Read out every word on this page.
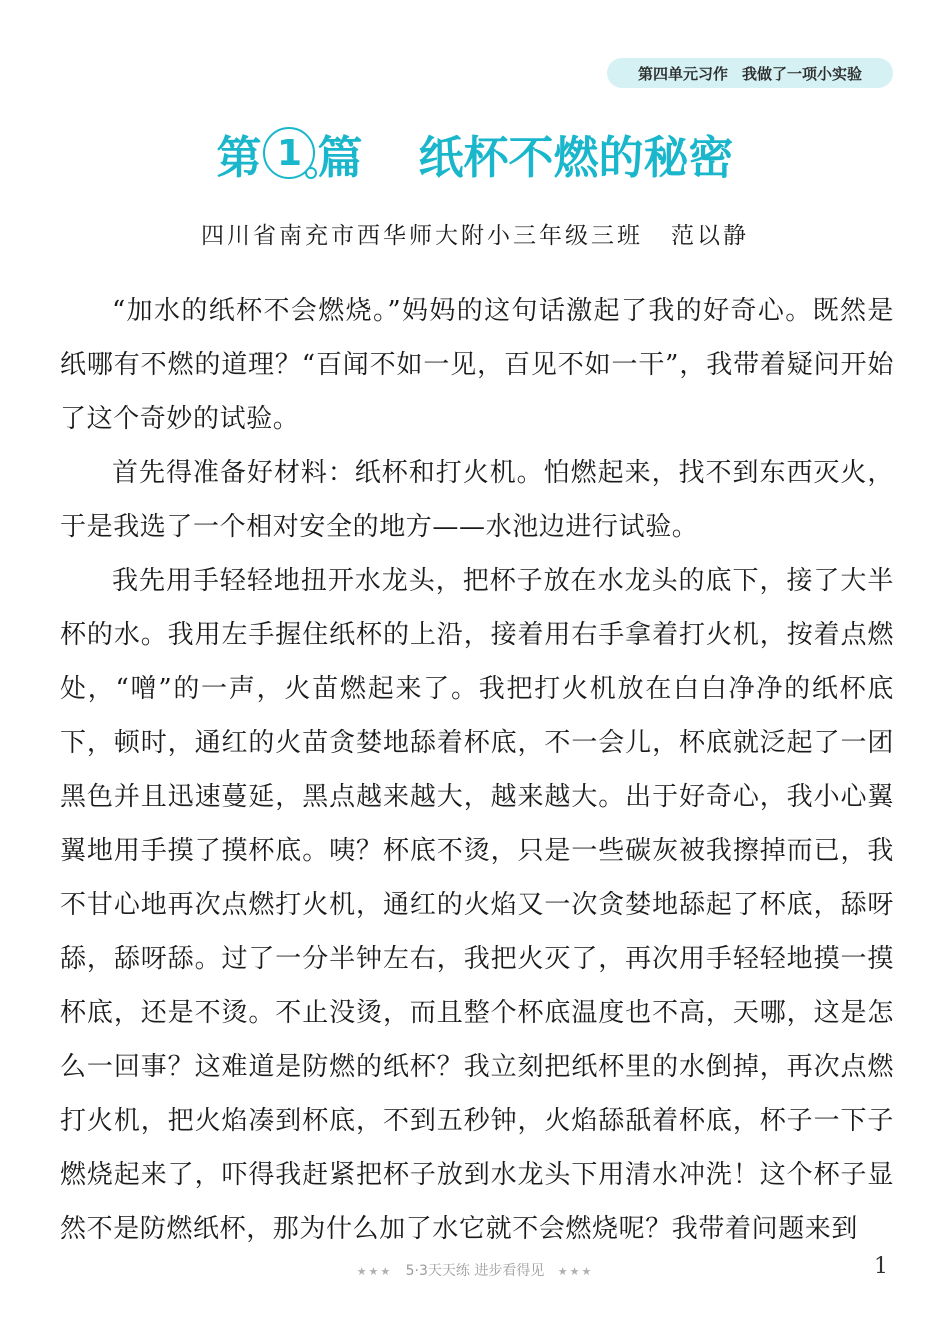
第四单元习作 我做了一项小实验
第 1 篇 纸杯不燃的秘密
四川省南充市西华师大附小三年级三班 范以静

“加水的纸杯不会燃烧。”妈妈的这句话激起了我的好奇心。既然是纸哪有不燃的道理？“百闻不如一见，百见不如一干”，我带着疑问开始了这个奇妙的试验。

首先得准备好材料：纸杯和打火机。怕燃起来，找不到东西灭火，于是我选了一个相对安全的地方——水池边进行试验。

我先用手轻轻地扭开水龙头，把杯子放在水龙头的底下，接了大半杯的水。我用左手握住纸杯的上沿，接着用右手拿着打火机，按着点燃处，“噌”的一声，火苗燃起来了。我把打火机放在白白净净的纸杯底下，顿时，通红的火苗贪婪地舔着杯底，不一会儿，杯底就泛起了一团黑色并且迅速蔓延，黑点越来越大，越来越大。出于好奇心，我小心翼翼地用手摸了摸杯底。咦？杯底不烫，只是一些碳灰被我擦掉而已，我不甘心地再次点燃打火机，通红的火焰又一次贪婪地舔起了杯底，舔呀舔，舔呀舔。过了一分半钟左右，我把火灭了，再次用手轻轻地摸一摸杯底，还是不烫。不止没烫，而且整个杯底温度也不高，天哪，这是怎么一回事？这难道是防燃的纸杯？我立刻把纸杯里的水倒掉，再次点燃打火机，把火焰凑到杯底，不到五秒钟，火焰舔舐着杯底，杯子一下子燃烧起来了，吓得我赶紧把杯子放到水龙头下用清水冲洗！这个杯子显然不是防燃纸杯，那为什么加了水它就不会燃烧呢？我带着问题来到

★★★ 5·3天天练 进步看得见 ★★★	1
